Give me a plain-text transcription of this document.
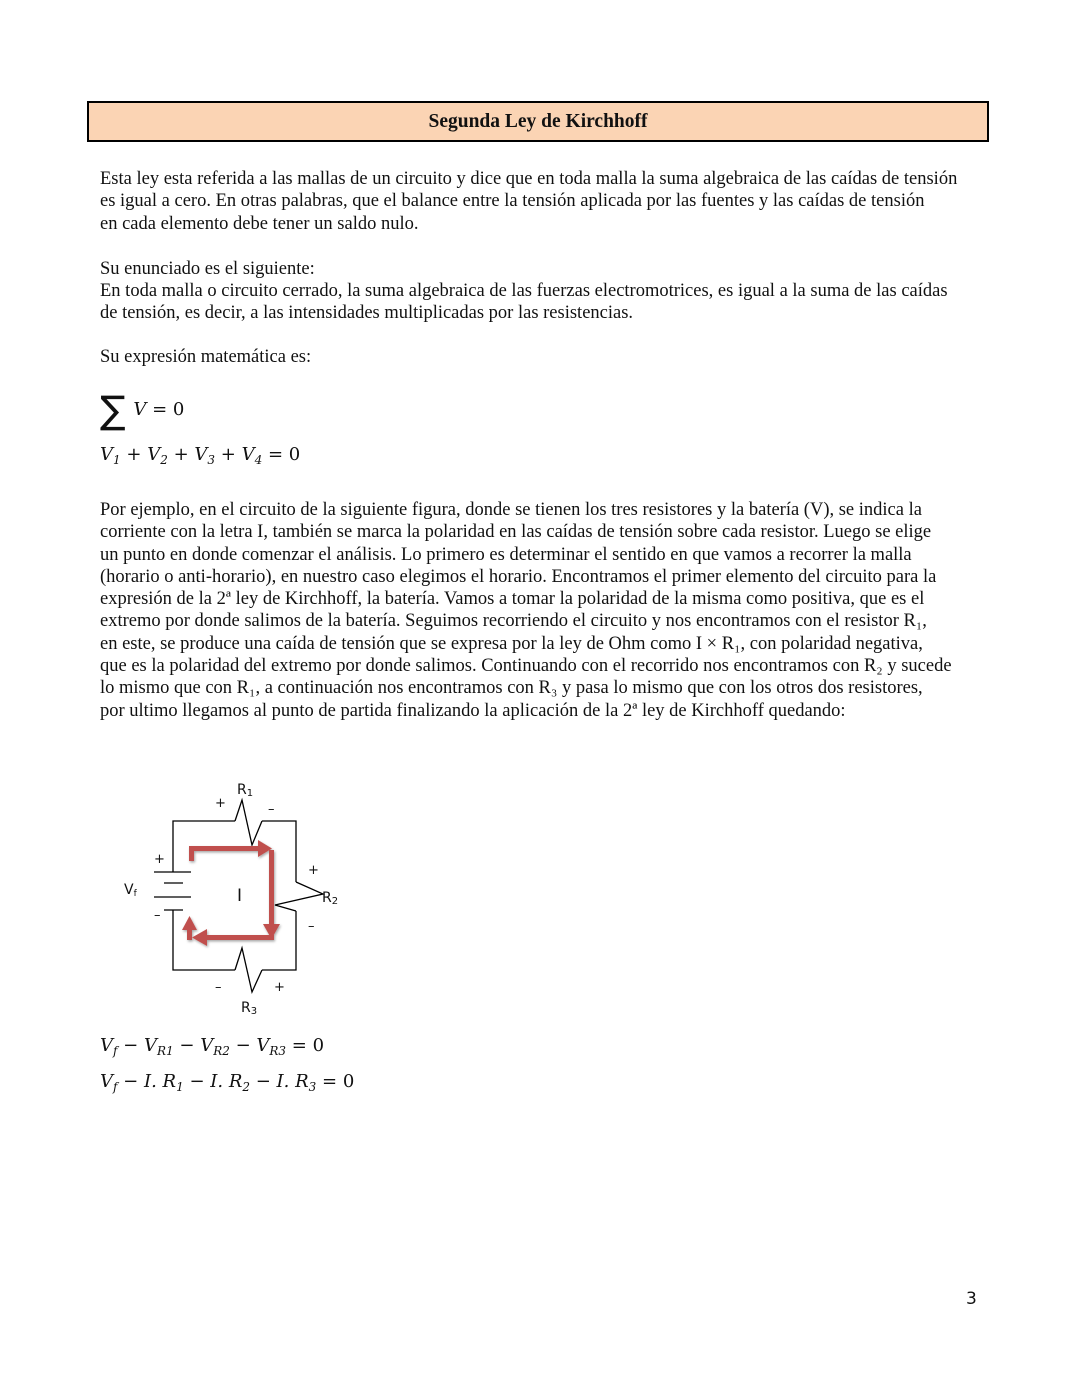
Segunda Ley de Kirchhoff

Esta ley esta referida a las mallas de un circuito y dice que en toda malla la suma algebraica de las caídas de tensión
es igual a cero. En otras palabras, que el balance entre la tensión aplicada por las fuentes y las caídas de tensión
en cada elemento debe tener un saldo nulo.

Su enunciado es el siguiente:

En toda malla o circuito cerrado, la suma algebraica de las fuerzas electromotrices, es igual a la suma de las caídas
de tensión, es decir, a las intensidades multiplicadas por las resistencias.

Su expresión matemática es:

∑ V = 0
$V_1 + V_2 + V_3 + V_4 = 0$

Por ejemplo, en el circuito de la siguiente figura, donde se tienen los tres resistores y la batería (V), se indica la
corriente con la letra I, también se marca la polaridad en las caídas de tensión sobre cada resistor. Luego se elige
un punto en donde comenzar el análisis. Lo primero es determinar el sentido en que vamos a recorrer la malla
(horario o anti-horario), en nuestro caso elegimos el horario. Encontramos el primer elemento del circuito para la
expresión de la 2ª ley de Kirchhoff, la batería. Vamos a tomar la polaridad de la misma como positiva, que es el
extremo por donde salimos de la batería. Seguimos recorriendo el circuito y nos encontramos con el resistor R₁,
en este, se produce una caída de tensión que se expresa por la ley de Ohm como I × R₁, con polaridad negativa,
que es la polaridad del extremo por donde salimos. Continuando con el recorrido nos encontramos con R₂ y sucede
lo mismo que con R₁, a continuación nos encontramos con R₃ y pasa lo mismo que con los otros dos resistores,
por ultimo llegamos al punto de partida finalizando la aplicación de la 2ª ley de Kirchhoff quedando:

R1
+	–
R2
+
–
R3
–	+
Vf
+
–
I
$V_f - V_{R1} - V_{R2} - V_{R3} = 0$
$V_f - I$. $R_1 - I$. $R_2 - I$. $R_3 = 0$
3
